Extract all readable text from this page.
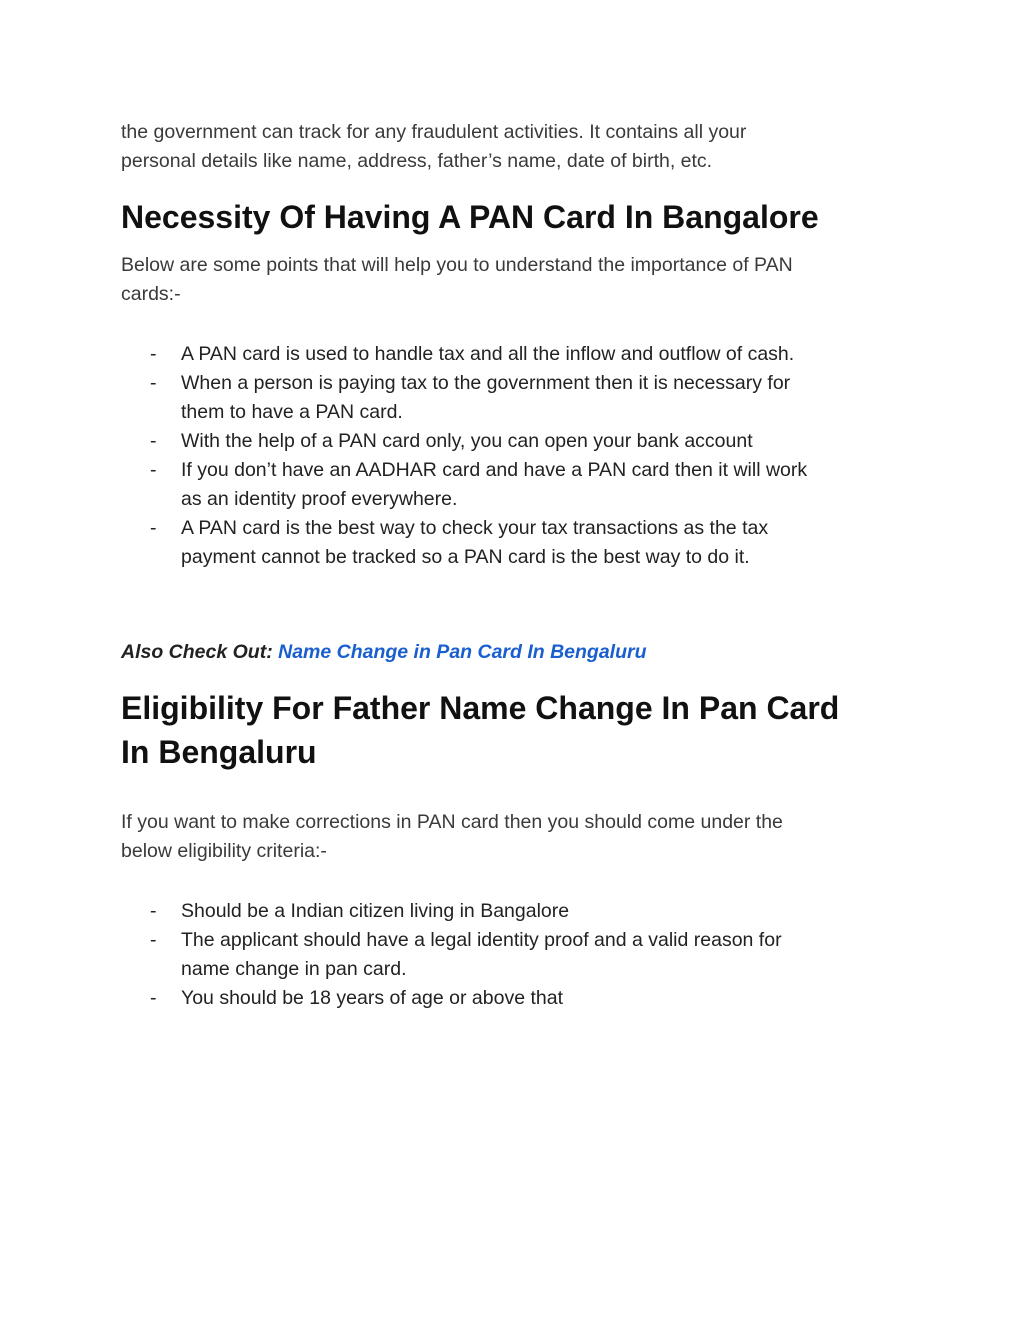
the government can track for any fraudulent activities. It contains all your
personal details like name, address, father’s name, date of birth, etc.

Necessity Of Having A PAN Card In Bangalore

Below are some points that will help you to understand the importance of PAN
cards:-

-	A PAN card is used to handle tax and all the inflow and outflow of cash.
-	When a person is paying tax to the government then it is necessary for
them to have a PAN card.
-	With the help of a PAN card only, you can open your bank account
-	If you don’t have an AADHAR card and have a PAN card then it will work
as an identity proof everywhere.
-	A PAN card is the best way to check your tax transactions as the tax
payment cannot be tracked so a PAN card is the best way to do it.

Also Check Out: Name Change in Pan Card In Bengaluru

Eligibility For Father Name Change In Pan Card
In Bengaluru

If you want to make corrections in PAN card then you should come under the
below eligibility criteria:-

-	Should be a Indian citizen living in Bangalore
-	The applicant should have a legal identity proof and a valid reason for
name change in pan card.
-	You should be 18 years of age or above that
